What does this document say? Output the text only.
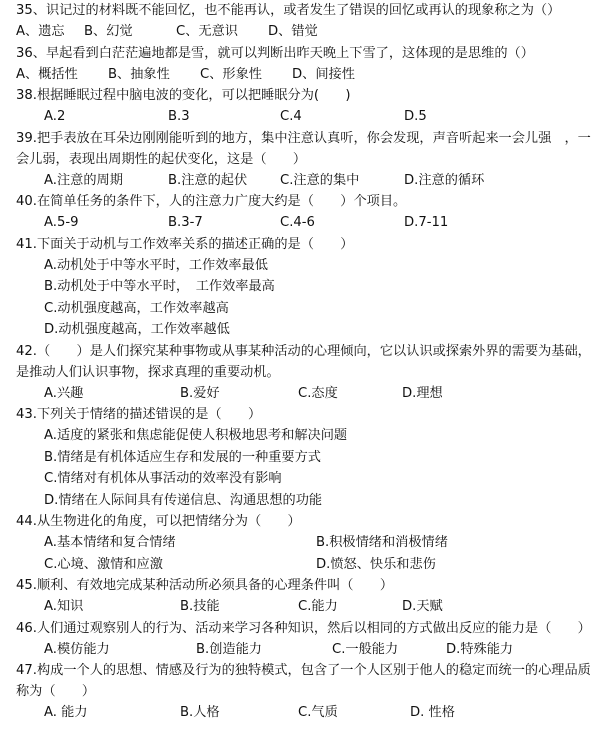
35、识记过的材料既不能回忆，也不能再认，或者发生了错误的回忆或再认的现象称之为（）
A、遗忘	B、幻觉	C、无意识	D、错觉
36、早起看到白茫茫遍地都是雪，就可以判断出昨天晚上下雪了，这体现的是思维的（）
A、概括性	B、抽象性	C、形象性	D、间接性
38.根据睡眠过程中脑电波的变化，可以把睡眠分为(　　)
A.2	B.3	C.4	D.5
39.把手表放在耳朵边刚刚能听到的地方，集中注意认真听，你会发现，声音听起来一会儿强　，一会儿弱，表现出周期性的起伏变化，这是（　　）
A.注意的周期	B.注意的起伏	C.注意的集中	D.注意的循环
40.在简单任务的条件下，人的注意力广度大约是（　　）个项目。
A.5-9	B.3-7	C.4-6	D.7-11
41.下面关于动机与工作效率关系的描述正确的是（　　）
A.动机处于中等水平时，工作效率最低
B.动机处于中等水平时，　工作效率最高
C.动机强度越高，工作效率越高
D.动机强度越高，工作效率越低
42.（　　）是人们探究某种事物或从事某种活动的心理倾向，它以认识或探索外界的需要为基础，是推动人们认识事物，探求真理的重要动机。
A.兴趣	B.爱好	C.态度	D.理想
43.下列关于情绪的描述错误的是（　　）
A.适度的紧张和焦虑能促使人积极地思考和解决问题
B.情绪是有机体适应生存和发展的一种重要方式
C.情绪对有机体从事活动的效率没有影响
D.情绪在人际间具有传递信息、沟通思想的功能
44.从生物进化的角度，可以把情绪分为（　　）
A.基本情绪和复合情绪	B.积极情绪和消极情绪
C.心境、激情和应激	D.愤怒、快乐和悲伤
45.顺利、有效地完成某种活动所必须具备的心理条件叫（　　）
A.知识	B.技能	C.能力	D.天赋
46.人们通过观察别人的行为、活动来学习各种知识，然后以相同的方式做出反应的能力是（　　）
A.模仿能力	B.创造能力	C.一般能力	D.特殊能力
47.构成一个人的思想、情感及行为的独特模式，包含了一个人区别于他人的稳定而统一的心理品质称为（　　）
A. 能力	B.人格	C.气质	D. 性格
